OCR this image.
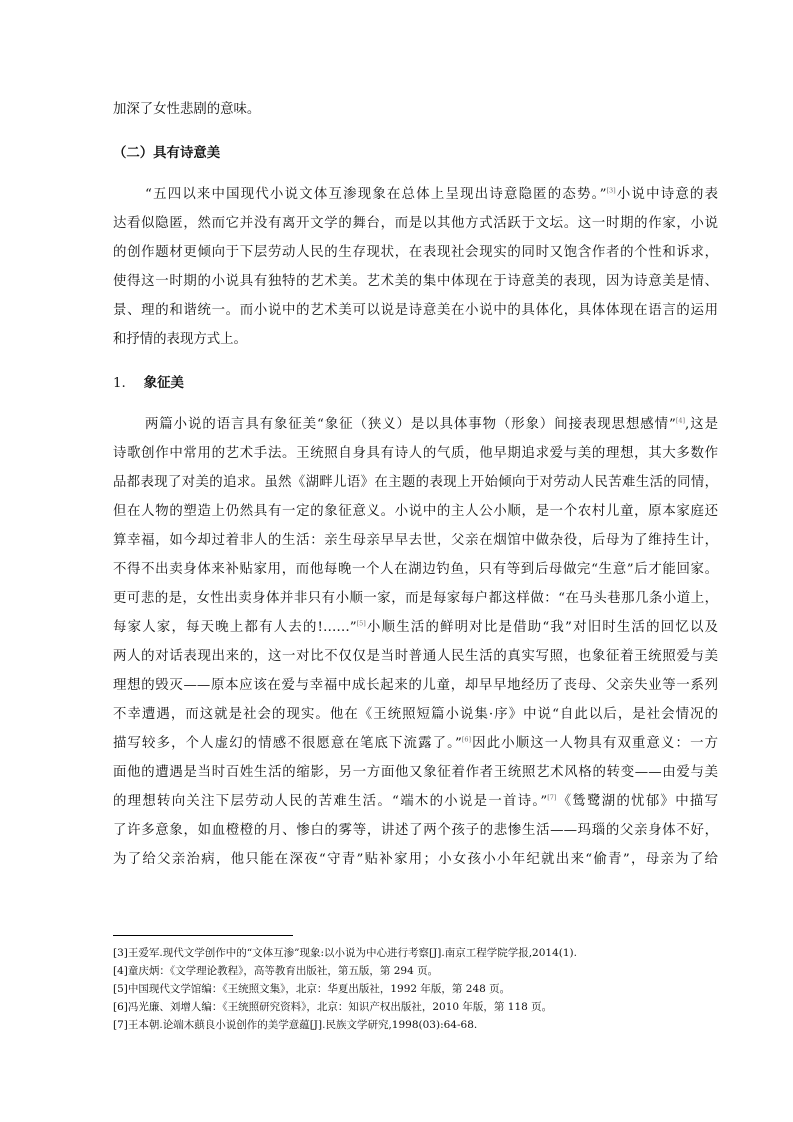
加深了女性悲剧的意味。
（二）具有诗意美
“五四以来中国现代小说文体互渗现象在总体上呈现出诗意隐匿的态势。”[3]小说中诗意的表
达看似隐匿，然而它并没有离开文学的舞台，而是以其他方式活跃于文坛。这一时期的作家，小说
的创作题材更倾向于下层劳动人民的生存现状，在表现社会现实的同时又饱含作者的个性和诉求，
使得这一时期的小说具有独特的艺术美。艺术美的集中体现在于诗意美的表现，因为诗意美是情、
景、理的和谐统一。而小说中的艺术美可以说是诗意美在小说中的具体化，具体体现在语言的运用
和抒情的表现方式上。
1. 象征美
两篇小说的语言具有象征美“象征（狭义）是以具体事物（形象）间接表现思想感情”[4],这是
诗歌创作中常用的艺术手法。王统照自身具有诗人的气质，他早期追求爱与美的理想，其大多数作
品都表现了对美的追求。虽然《湖畔儿语》在主题的表现上开始倾向于对劳动人民苦难生活的同情，
但在人物的塑造上仍然具有一定的象征意义。小说中的主人公小顺，是一个农村儿童，原本家庭还
算幸福，如今却过着非人的生活：亲生母亲早早去世，父亲在烟馆中做杂役，后母为了维持生计，
不得不出卖身体来补贴家用，而他每晚一个人在湖边钓鱼，只有等到后母做完“生意”后才能回家。
更可悲的是，女性出卖身体并非只有小顺一家，而是每家每户都这样做：“在马头巷那几条小道上，
每家人家，每天晚上都有人去的!……”[5]小顺生活的鲜明对比是借助“我”对旧时生活的回忆以及
两人的对话表现出来的，这一对比不仅仅是当时普通人民生活的真实写照，也象征着王统照爱与美
理想的毁灭——原本应该在爱与幸福中成长起来的儿童，却早早地经历了丧母、父亲失业等一系列
不幸遭遇，而这就是社会的现实。他在《王统照短篇小说集·序》中说“自此以后，是社会情况的
描写较多，个人虚幻的情感不很愿意在笔底下流露了。”[6]因此小顺这一人物具有双重意义：一方
面他的遭遇是当时百姓生活的缩影，另一方面他又象征着作者王统照艺术风格的转变——由爱与美
的理想转向关注下层劳动人民的苦难生活。“端木的小说是一首诗。”[7]《鸶鹭湖的忧郁》中描写
了许多意象，如血橙橙的月、惨白的雾等，讲述了两个孩子的悲惨生活——玛瑙的父亲身体不好，
为了给父亲治病，他只能在深夜“守青”贴补家用；小女孩小小年纪就出来“偷青”，母亲为了给
[3]王爱军.现代文学创作中的“文体互渗”现象:以小说为中心进行考察[J].南京工程学院学报,2014(1).
[4]童庆炳：《文学理论教程》，高等教育出版社，第五版，第 294 页。
[5]中国现代文学馆编：《王统照文集》，北京：华夏出版社，1992 年版，第 248 页。
[6]冯光廉、刘增人编：《王统照研究资料》，北京：知识产权出版社，2010 年版，第 118 页。
[7]王本朝.论端木蕻良小说创作的美学意蕴[J].民族文学研究,1998(03):64-68.
